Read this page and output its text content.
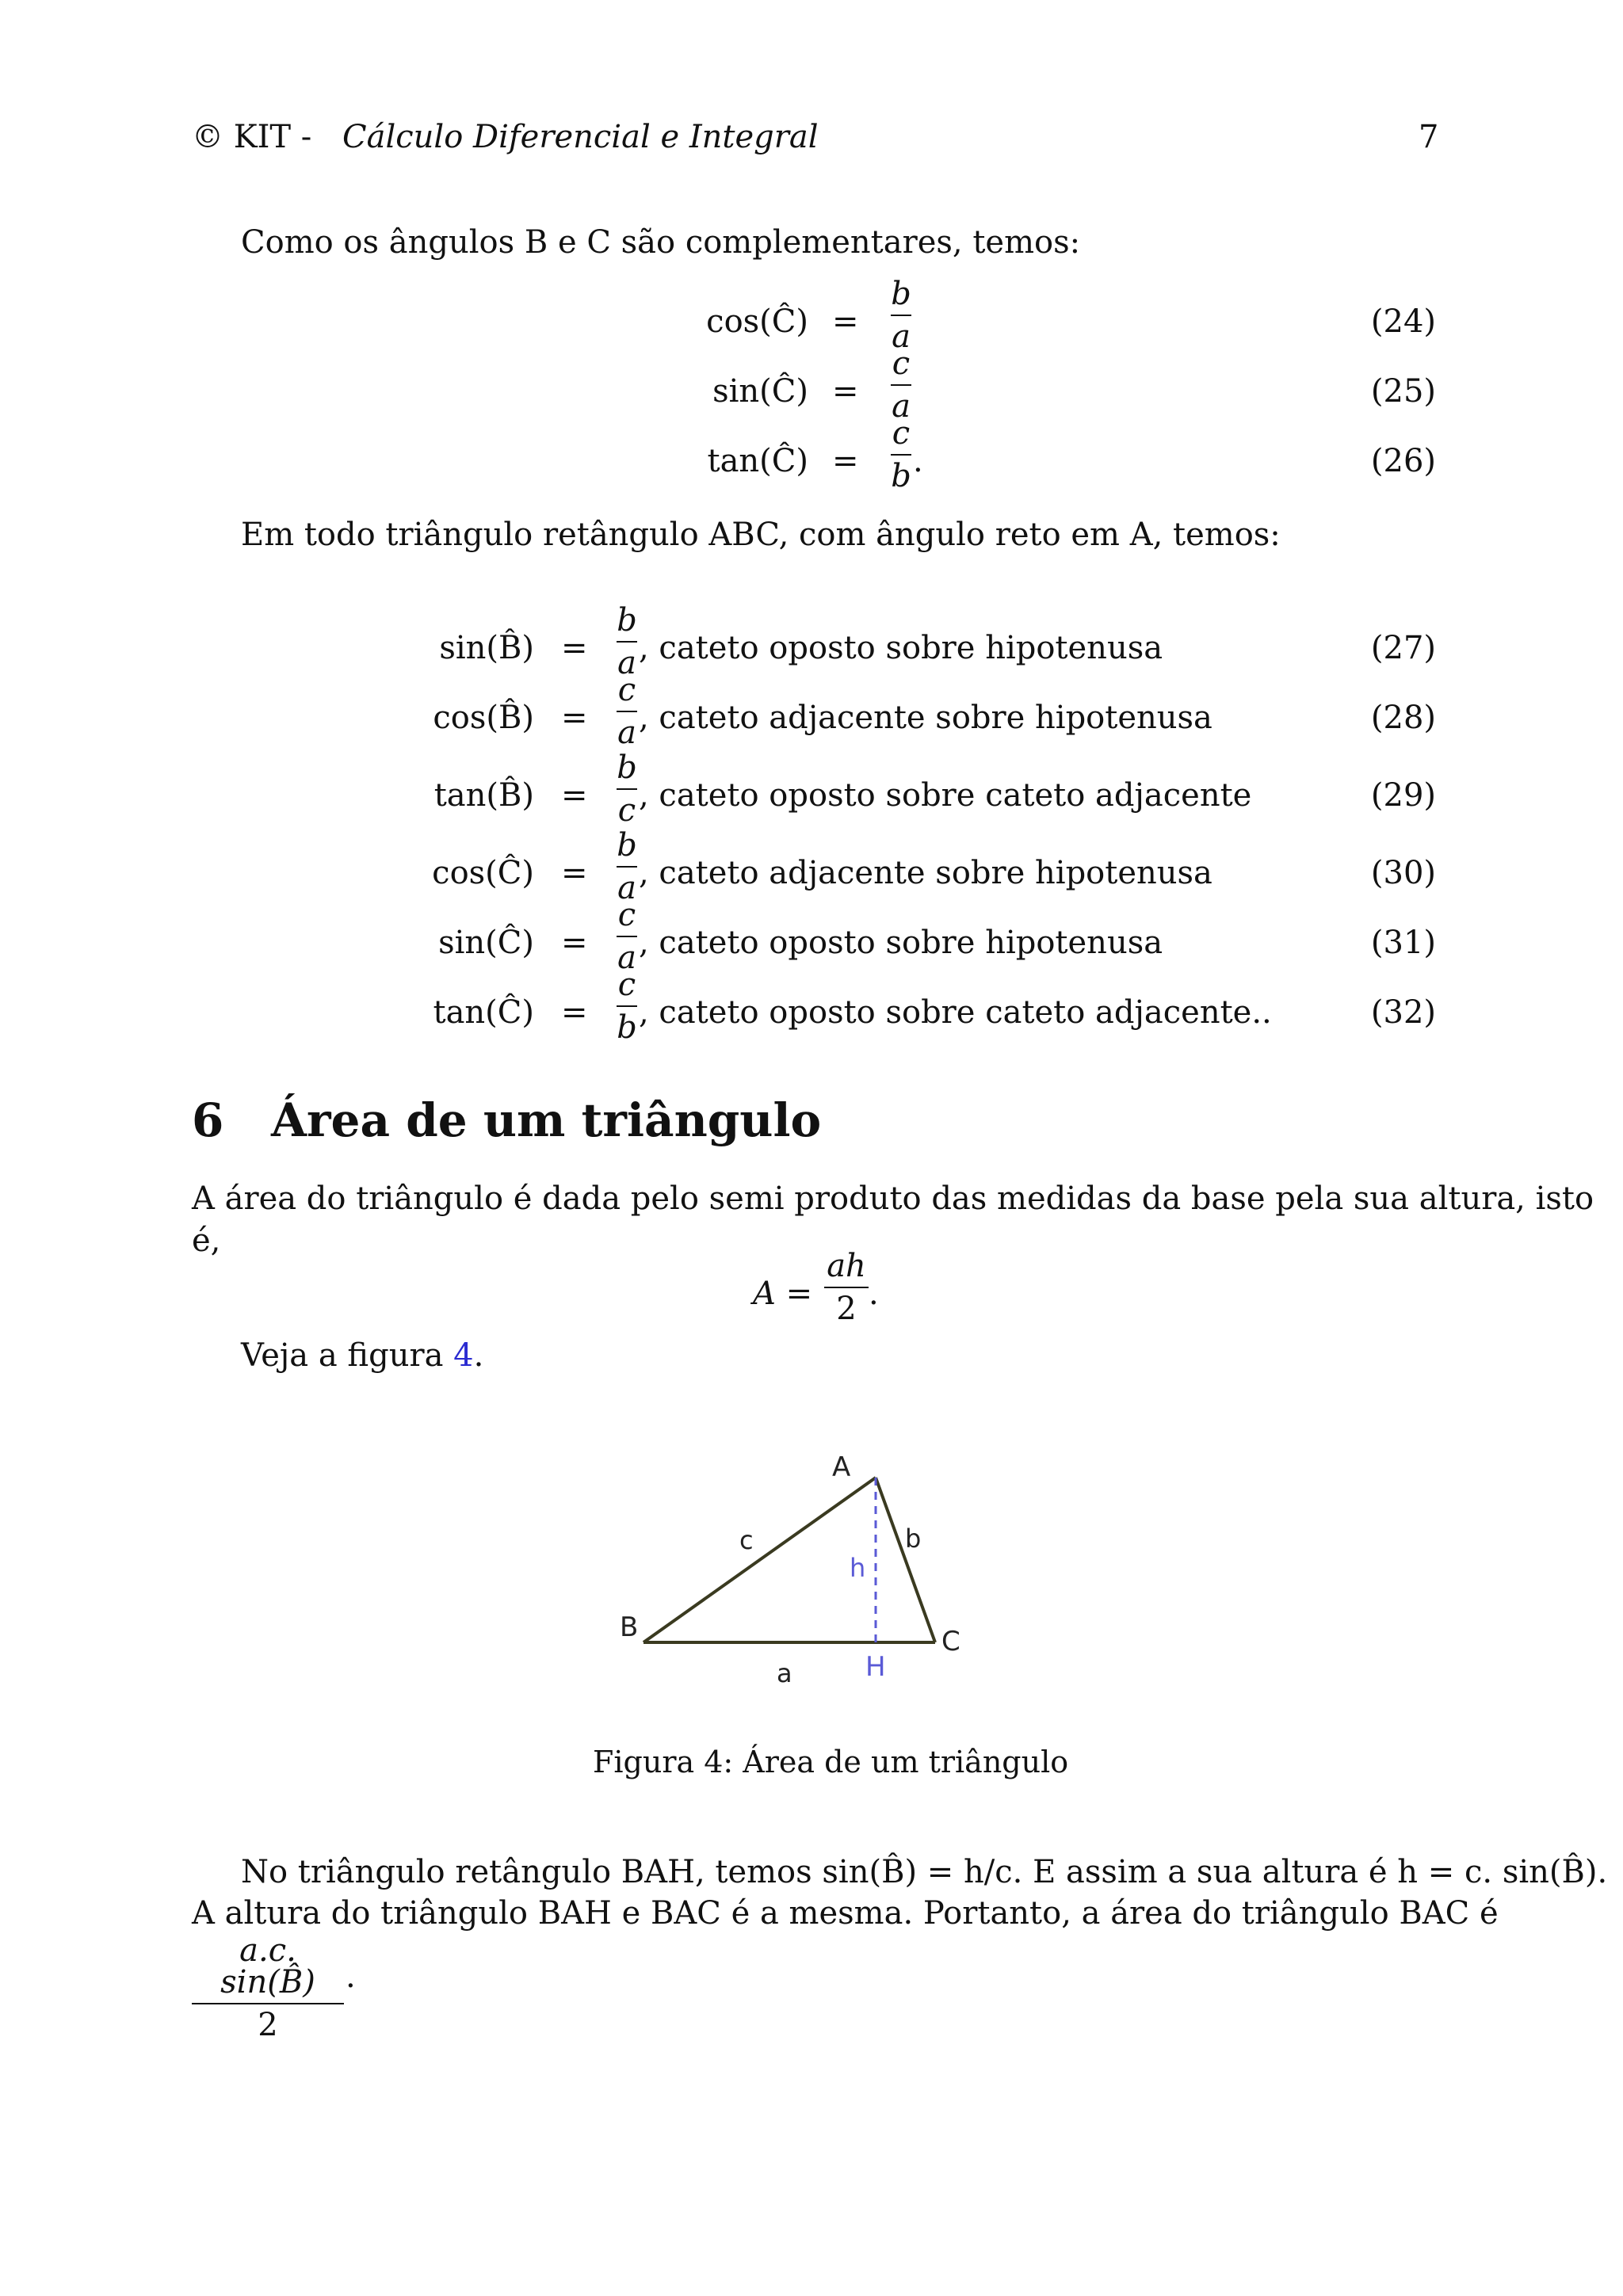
© KIT - Cálculo Diferencial e Integral	7
Como os ângulos B e C são complementares, temos:
cos(Ĉ) =
b
a	(24)
sin(Ĉ) =
c
a	(25)
tan(Ĉ) =
c
b .	(26)
Em todo triângulo retângulo ABC, com ângulo reto em A, temos:
sin(B̂) =
b
a , cateto oposto sobre hipotenusa	(27)
cos(B̂) =
c
a , cateto adjacente sobre hipotenusa	(28)
tan(B̂) =
b
c , cateto oposto sobre cateto adjacente	(29)
cos(Ĉ) =
b
a , cateto adjacente sobre hipotenusa	(30)
sin(Ĉ) =
c
a , cateto oposto sobre hipotenusa	(31)
tan(Ĉ) =
c
b , cateto oposto sobre cateto adjacente..	(32)
6 Área de um triângulo
A área do triângulo é dada pelo semi produto das medidas da base pela sua altura, isto
é,
A =
ah
2 .
Veja a figura 4.
A
B	C
H
a
b
c
h
Figura 4: Área de um triângulo
No triângulo retângulo BAH, temos sin(B̂) = h/c. E assim a sua altura é h = c. sin(B̂).
A altura do triângulo BAH e BAC é a mesma. Portanto, a área do triângulo BAC é
a.c. sin(B̂)
2
.
